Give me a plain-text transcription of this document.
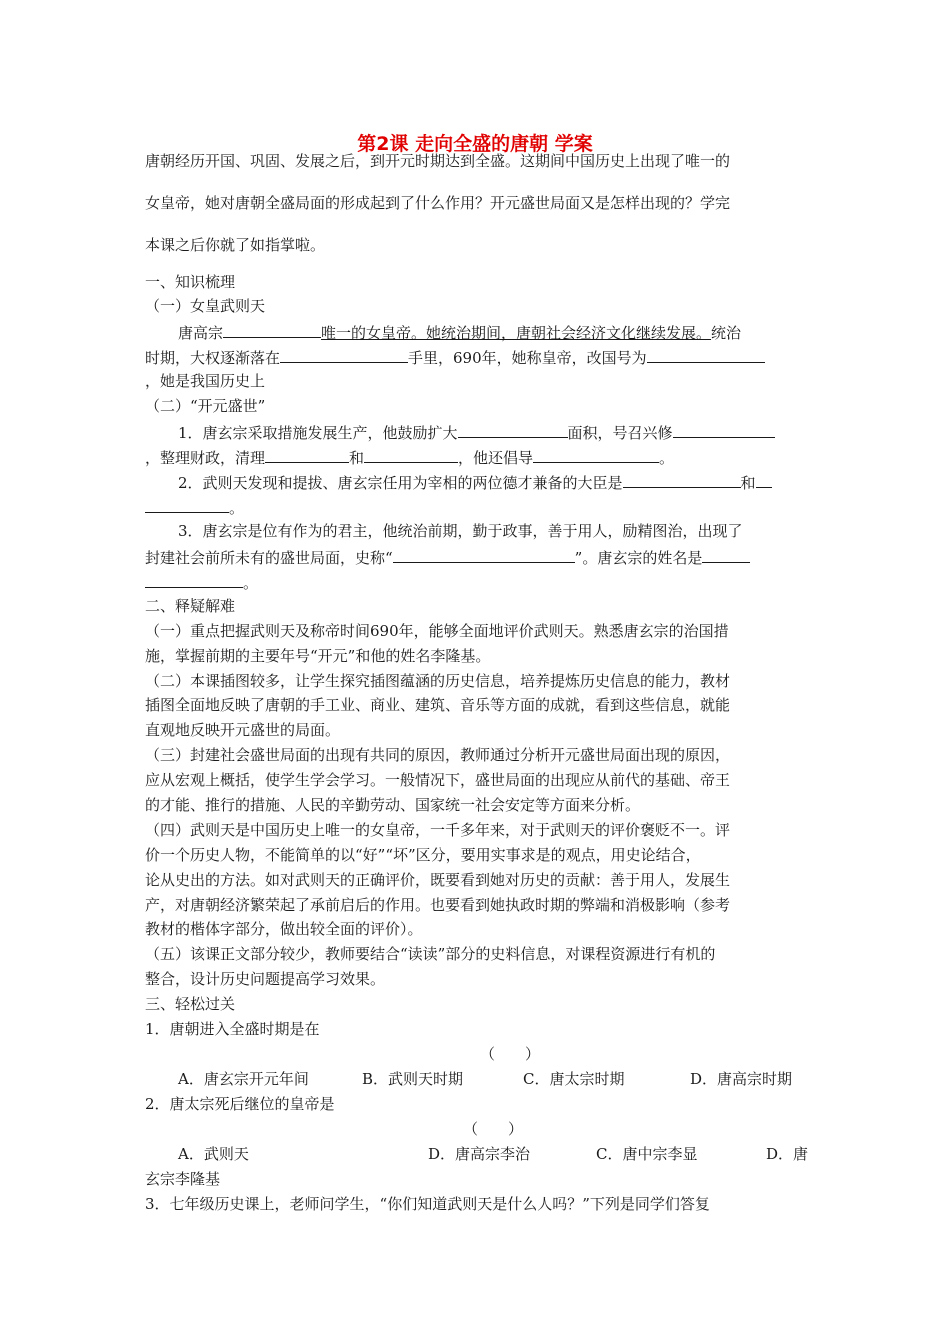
第2课 走向全盛的唐朝 学案
唐朝经历开国、巩固、发展之后，到开元时期达到全盛。这期间中国历史上出现了唯一的
女皇帝，她对唐朝全盛局面的形成起到了什么作用？开元盛世局面又是怎样出现的？学完
本课之后你就了如指掌啦。
一、知识梳理
（一）女皇武则天
唐高宗	唯一的女皇帝。她统治期间，唐朝社会经济文化继续发展。统治
时期，大权逐渐落在	手里，690年，她称皇帝，改国号为
，她是我国历史上
（二）“开元盛世”
1．唐玄宗采取措施发展生产，他鼓励扩大	面积，号召兴修
，整理财政，清理	和	，他还倡导	。
2．武则天发现和提拔、唐玄宗任用为宰相的两位德才兼备的大臣是	和
。
3．唐玄宗是位有作为的君主，他统治前期，勤于政事，善于用人，励精图治，出现了
封建社会前所未有的盛世局面，史称“	”。唐玄宗的姓名是
。
二、释疑解难
（一）重点把握武则天及称帝时间690年，能够全面地评价武则天。熟悉唐玄宗的治国措
施，掌握前期的主要年号“开元”和他的姓名李隆基。
（二）本课插图较多，让学生探究插图蕴涵的历史信息，培养提炼历史信息的能力，教材
插图全面地反映了唐朝的手工业、商业、建筑、音乐等方面的成就，看到这些信息，就能
直观地反映开元盛世的局面。
（三）封建社会盛世局面的出现有共同的原因，教师通过分析开元盛世局面出现的原因，
应从宏观上概括，使学生学会学习。一般情况下，盛世局面的出现应从前代的基础、帝王
的才能、推行的措施、人民的辛勤劳动、国家统一社会安定等方面来分析。
（四）武则天是中国历史上唯一的女皇帝，一千多年来，对于武则天的评价褒贬不一。评
价一个历史人物，不能简单的以“好”“坏”区分，要用实事求是的观点，用史论结合，
论从史出的方法。如对武则天的正确评价，既要看到她对历史的贡献：善于用人，发展生
产，对唐朝经济繁荣起了承前启后的作用。也要看到她执政时期的弊端和消极影响（参考
教材的楷体字部分，做出较全面的评价）。
（五）该课正文部分较少，教师要结合“读读”部分的史料信息，对课程资源进行有机的
整合，设计历史问题提高学习效果。
三、轻松过关
1．唐朝进入全盛时期是在
（　　）
A．唐玄宗开元年间	B．武则天时期	C．唐太宗时期	D．唐高宗时期
2．唐太宗死后继位的皇帝是
（　　）
A．武则天	D．唐高宗李治	C．唐中宗李显	D．唐
玄宗李隆基
3．七年级历史课上，老师问学生，“你们知道武则天是什么人吗？”下列是同学们答复
